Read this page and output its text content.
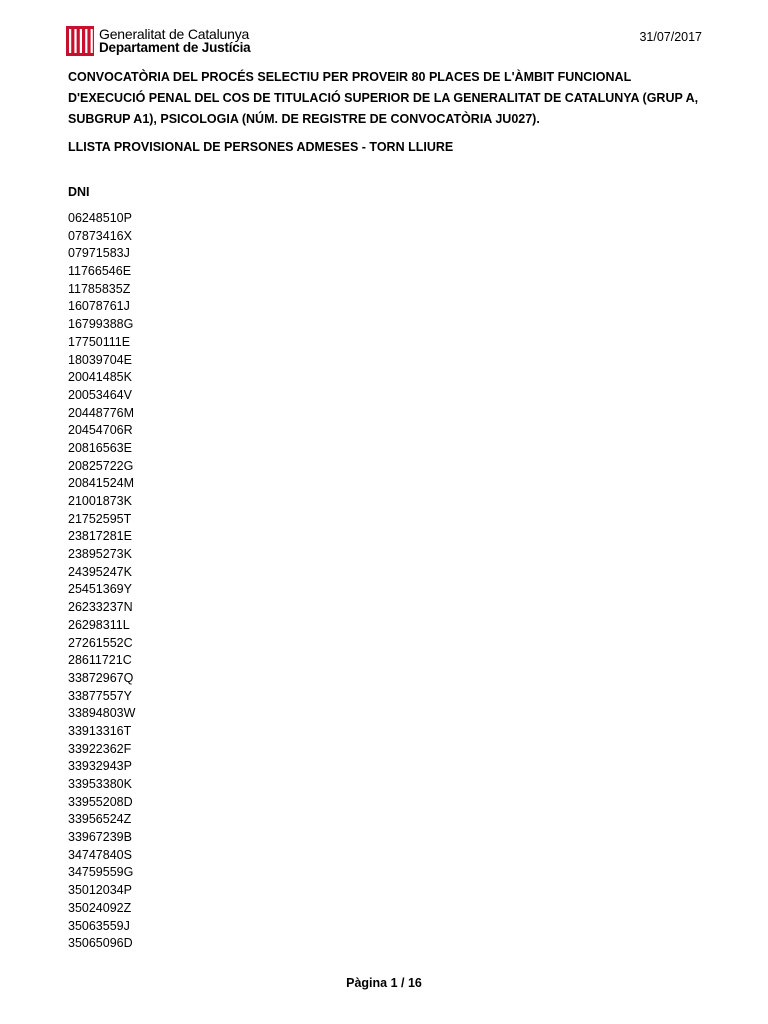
Generalitat de Catalunya
Departament de Justícia
31/07/2017

CONVOCATÒRIA DEL PROCÉS SELECTIU PER PROVEIR 80 PLACES DE L'ÀMBIT FUNCIONAL D'EXECUCIÓ PENAL DEL COS DE TITULACIÓ SUPERIOR DE LA GENERALITAT DE CATALUNYA (GRUP A, SUBGRUP A1), PSICOLOGIA (NÚM. DE REGISTRE DE CONVOCATÒRIA JU027).

LLISTA PROVISIONAL DE PERSONES ADMESES - TORN LLIURE

DNI
06248510P
07873416X
07971583J
11766546E
11785835Z
16078761J
16799388G
17750111E
18039704E
20041485K
20053464V
20448776M
20454706R
20816563E
20825722G
20841524M
21001873K
21752595T
23817281E
23895273K
24395247K
25451369Y
26233237N
26298311L
27261552C
28611721C
33872967Q
33877557Y
33894803W
33913316T
33922362F
33932943P
33953380K
33955208D
33956524Z
33967239B
34747840S
34759559G
35012034P
35024092Z
35063559J
35065096D
Pàgina 1 / 16
